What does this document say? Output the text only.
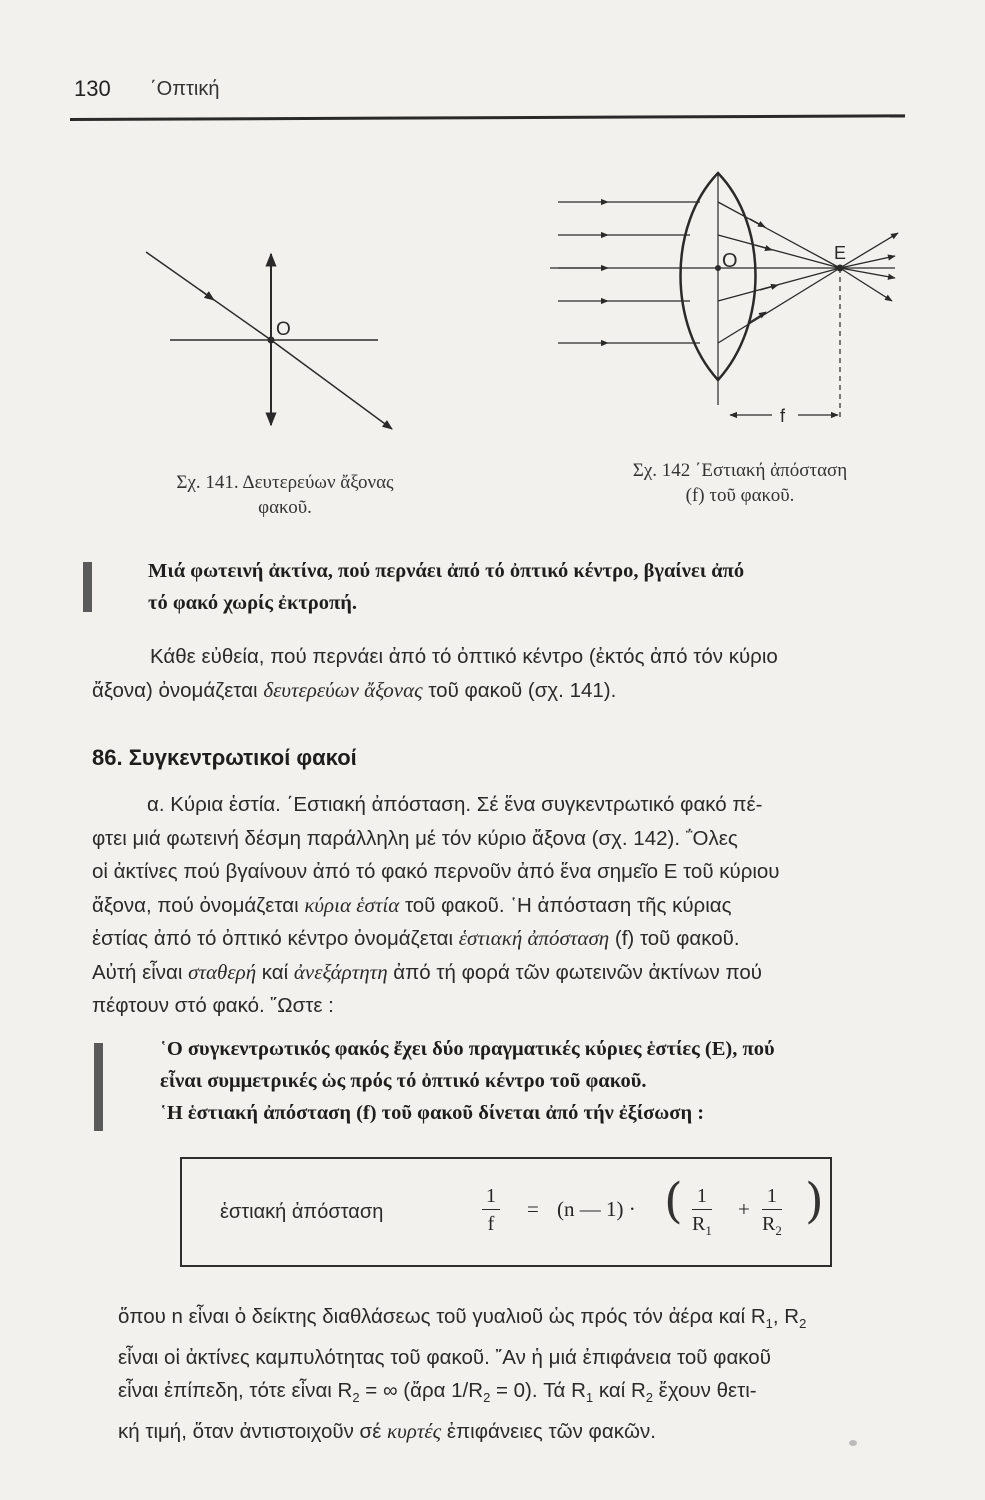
130 ΄Οπτική
O
Σχ. 141. Δευτερεύων ἄξονας
φακοῦ.
O	E
f
Σχ. 142 ΄Εστιακή ἀπόσταση
(f) τοῦ φακοῦ.
Μιά φωτεινή ἀκτίνα, πού περνάει ἀπό τό ὀπτικό κέντρο, βγαίνει ἀπό
τό φακό χωρίς ἐκτροπή.
Κάθε εὐθεία, πού περνάει ἀπό τό ὀπτικό κέντρο (ἐκτός ἀπό τόν κύριο
ἄξονα) ὀνομάζεται δευτερεύων ἄξονας τοῦ φακοῦ (σχ. 141).
86. Συγκεντρωτικοί φακοί
α. Κύρια ἑστία. ΄Εστιακή ἀπόσταση. Σέ ἕνα συγκεντρωτικό φακό πέ-
φτει μιά φωτεινή δέσμη παράλληλη μέ τόν κύριο ἄξονα (σχ. 142). ΅Ολες
οἱ ἀκτίνες πού βγαίνουν ἀπό τό φακό περνοῦν ἀπό ἕνα σημεῖο Ε τοῦ κύριου
ἄξονα, πού ὀνομάζεται κύρια ἑστία τοῦ φακοῦ. ῾Η ἀπόσταση τῆς κύριας
ἑστίας ἀπό τό ὀπτικό κέντρο ὀνομάζεται ἑστιακή ἀπόσταση (f) τοῦ φακοῦ.
Αὐτή εἶναι σταθερή καί ἀνεξάρτητη ἀπό τή φορά τῶν φωτεινῶν ἀκτίνων πού
πέφτουν στό φακό. ῞Ωστε :
῾Ο συγκεντρωτικός φακός ἔχει δύο πραγματικές κύριες ἑστίες (Ε), πού
εἶναι συμμετρικές ὡς πρός τό ὀπτικό κέντρο τοῦ φακοῦ.
῾Η ἑστιακή ἀπόσταση (f) τοῦ φακοῦ δίνεται ἀπό τήν ἐξίσωση :
ἑστιακή ἀπόσταση	$\frac{1}{f} = (n$ — 1) · ( $\frac{1}{R_1} + \frac{1}{R_2}$ )
ὅπου n εἶναι ὁ δείκτης διαθλάσεως τοῦ γυαλιοῦ ὡς πρός τόν ἀέρα καί $R_1$, $R_2$
εἶναι οἱ ἀκτίνες καμπυλότητας τοῦ φακοῦ. ῎Αν ἡ μιά ἐπιφάνεια τοῦ φακοῦ
εἶναι ἐπίπεδη, τότε εἶναι $R_2$ = ∞ (ἄρα $1/R_2 = 0$). Τά $R_1$ καί $R_2$ ἔχουν θετι-
κή τιμή, ὅταν ἀντιστοιχοῦν σέ κυρτές ἐπιφάνειες τῶν φακῶν.
